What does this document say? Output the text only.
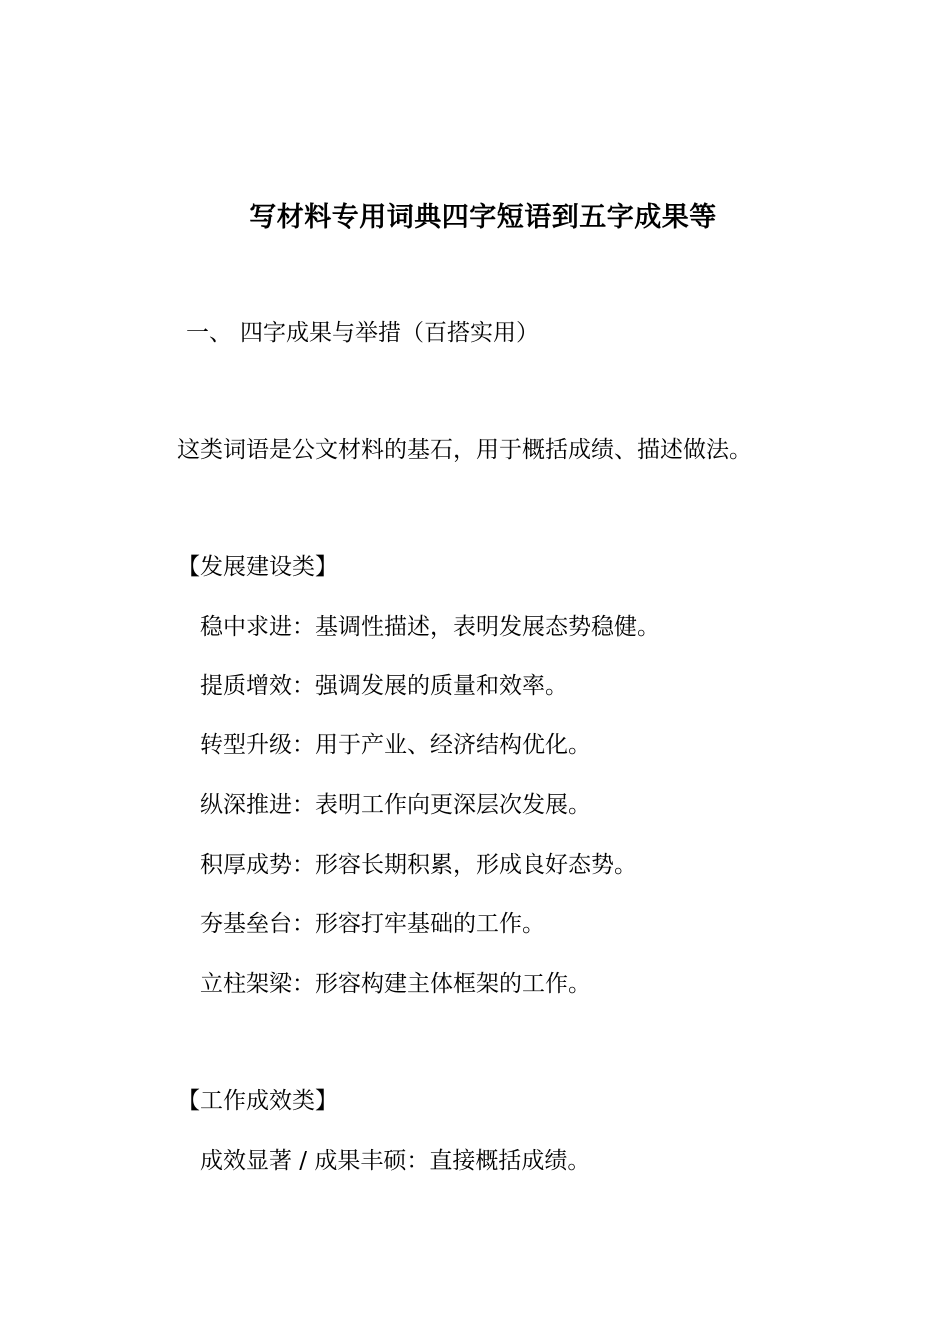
写材料专用词典四字短语到五字成果等
一、 四字成果与举措（百搭实用）
这类词语是公文材料的基石，用于概括成绩、描述做法。
【发展建设类】
稳中求进：基调性描述，表明发展态势稳健。
提质增效：强调发展的质量和效率。
转型升级：用于产业、经济结构优化。
纵深推进：表明工作向更深层次发展。
积厚成势：形容长期积累，形成良好态势。
夯基垒台：形容打牢基础的工作。
立柱架梁：形容构建主体框架的工作。
【工作成效类】
成效显著 / 成果丰硕：直接概括成绩。
